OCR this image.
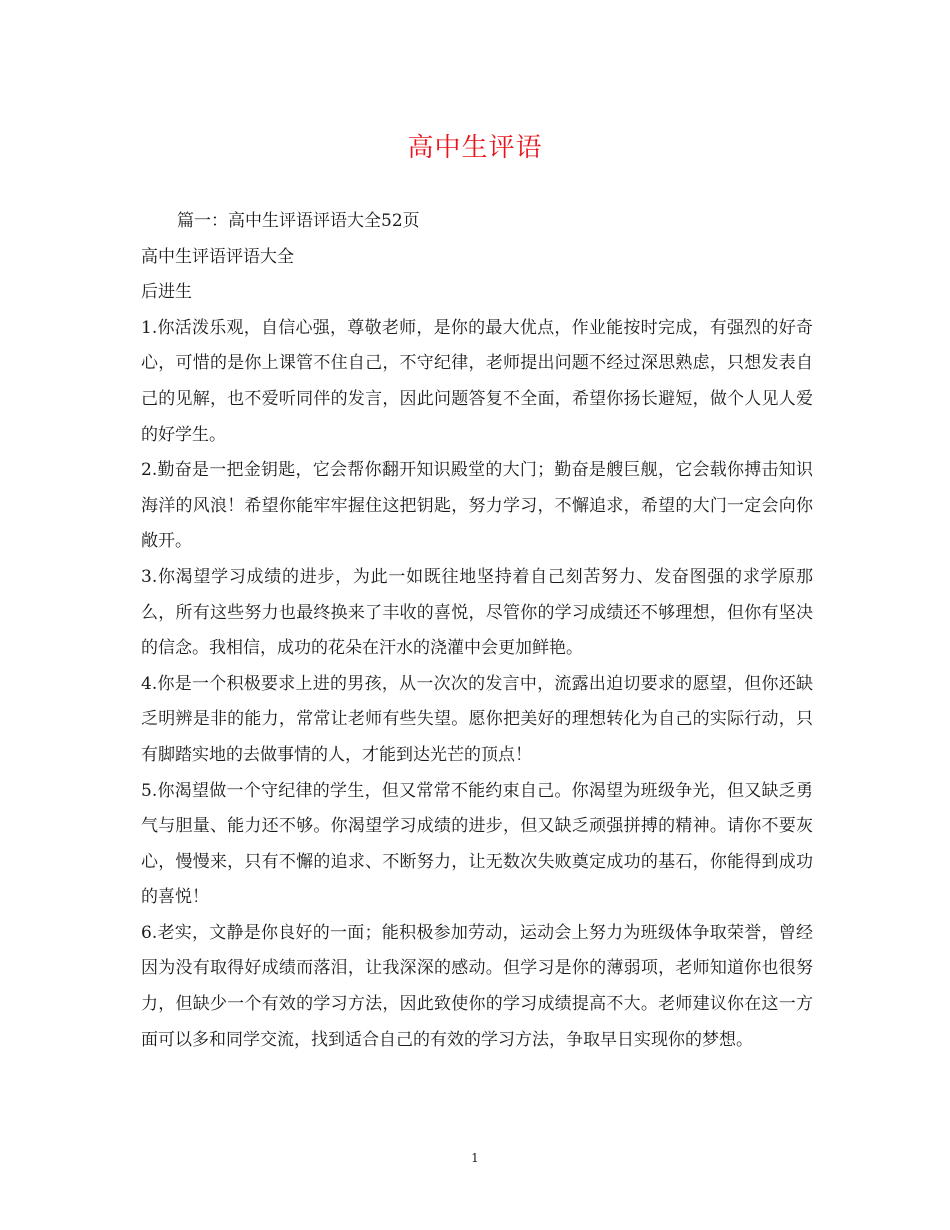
高中生评语

篇一：高中生评语评语大全52页

高中生评语评语大全

后进生

1.你活泼乐观，自信心强，尊敬老师，是你的最大优点，作业能按时完成，有强烈的好奇心，可惜的是你上课管不住自己，不守纪律，老师提出问题不经过深思熟虑，只想发表自己的见解，也不爱听同伴的发言，因此问题答复不全面，希望你扬长避短，做个人见人爱的好学生。

2.勤奋是一把金钥匙，它会帮你翻开知识殿堂的大门；勤奋是艘巨舰，它会载你搏击知识海洋的风浪！希望你能牢牢握住这把钥匙，努力学习，不懈追求，希望的大门一定会向你敞开。

3.你渴望学习成绩的进步，为此一如既往地坚持着自己刻苦努力、发奋图强的求学原那么，所有这些努力也最终换来了丰收的喜悦，尽管你的学习成绩还不够理想，但你有坚决的信念。我相信，成功的花朵在汗水的浇灌中会更加鲜艳。

4.你是一个积极要求上进的男孩，从一次次的发言中，流露出迫切要求的愿望，但你还缺乏明辨是非的能力，常常让老师有些失望。愿你把美好的理想转化为自己的实际行动，只有脚踏实地的去做事情的人，才能到达光芒的顶点！

5.你渴望做一个守纪律的学生，但又常常不能约束自己。你渴望为班级争光，但又缺乏勇气与胆量、能力还不够。你渴望学习成绩的进步，但又缺乏顽强拼搏的精神。请你不要灰心，慢慢来，只有不懈的追求、不断努力，让无数次失败奠定成功的基石，你能得到成功的喜悦！

6.老实，文静是你良好的一面；能积极参加劳动，运动会上努力为班级体争取荣誉，曾经因为没有取得好成绩而落泪，让我深深的感动。但学习是你的薄弱项，老师知道你也很努力，但缺少一个有效的学习方法，因此致使你的学习成绩提高不大。老师建议你在这一方面可以多和同学交流，找到适合自己的有效的学习方法，争取早日实现你的梦想。

1
